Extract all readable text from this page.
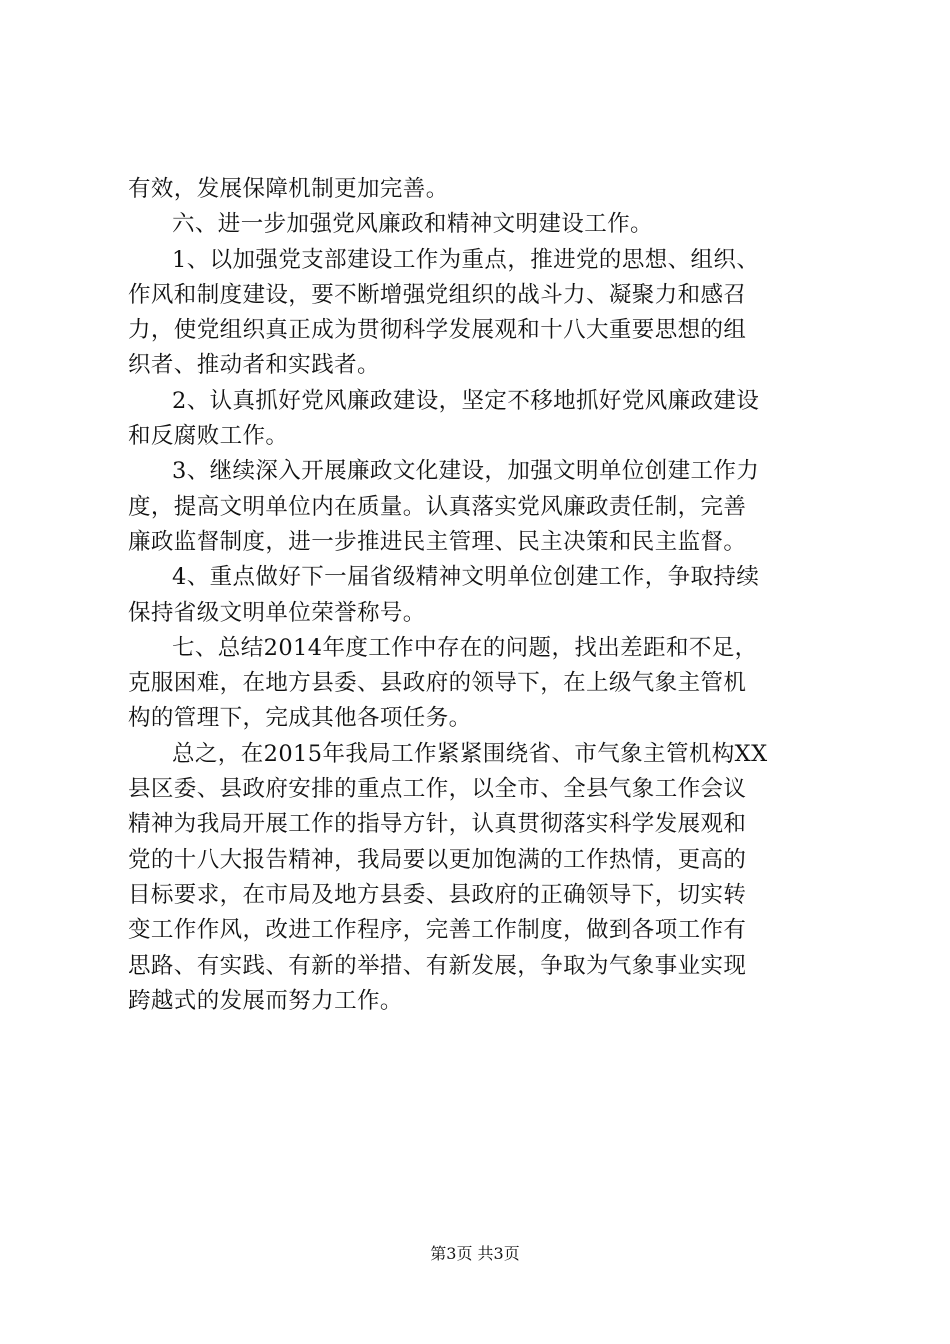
有效，发展保障机制更加完善。
六、进一步加强党风廉政和精神文明建设工作。
1、以加强党支部建设工作为重点，推进党的思想、组织、
作风和制度建设，要不断增强党组织的战斗力、凝聚力和感召
力，使党组织真正成为贯彻科学发展观和十八大重要思想的组
织者、推动者和实践者。
2、认真抓好党风廉政建设，坚定不移地抓好党风廉政建设
和反腐败工作。
3、继续深入开展廉政文化建设，加强文明单位创建工作力
度，提高文明单位内在质量。认真落实党风廉政责任制，完善
廉政监督制度，进一步推进民主管理、民主决策和民主监督。
4、重点做好下一届省级精神文明单位创建工作，争取持续
保持省级文明单位荣誉称号。
七、总结2014年度工作中存在的问题，找出差距和不足，
克服困难，在地方县委、县政府的领导下，在上级气象主管机
构的管理下，完成其他各项任务。
总之，在2015年我局工作紧紧围绕省、市气象主管机构XX
县区委、县政府安排的重点工作，以全市、全县气象工作会议
精神为我局开展工作的指导方针，认真贯彻落实科学发展观和
党的十八大报告精神，我局要以更加饱满的工作热情，更高的
目标要求，在市局及地方县委、县政府的正确领导下，切实转
变工作作风，改进工作程序，完善工作制度，做到各项工作有
思路、有实践、有新的举措、有新发展，争取为气象事业实现
跨越式的发展而努力工作。
第3页 共3页
